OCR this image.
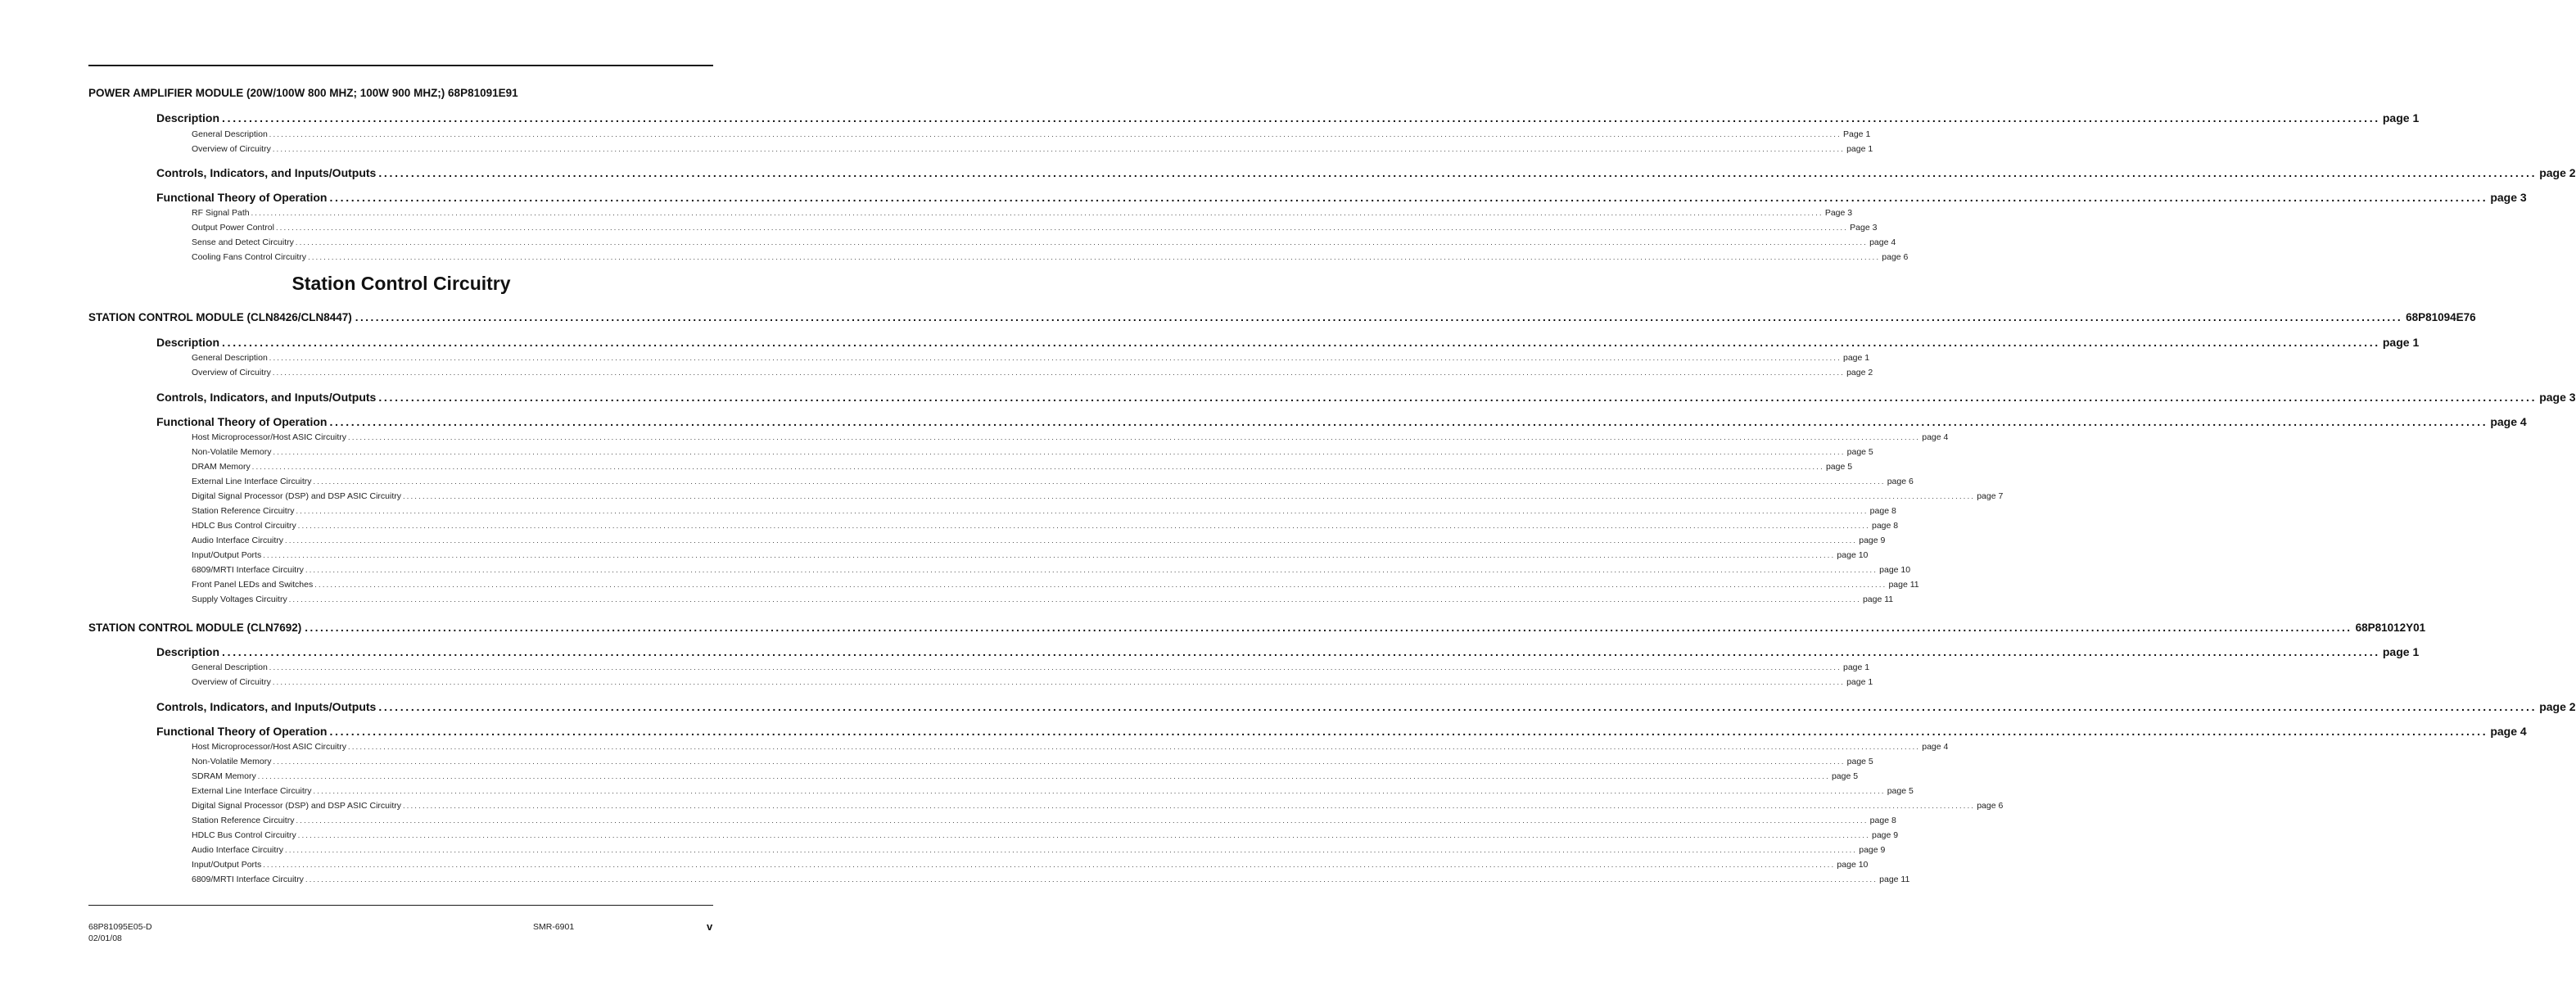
POWER AMPLIFIER MODULE (20W/100W 800 MHZ; 100W 900 MHZ;) 68P81091E91
Description ................................................................................................................................................................................................................................................................................................................................................................................................................ page 1
General Description ................................................................................................................................................................................................................................................................................................................................................................................................................ Page 1
Overview of Circuitry ................................................................................................................................................................................................................................................................................................................................................................................................................ page 1
Controls, Indicators, and Inputs/Outputs ................................................................................................................................................................................................................................................................................................................................................................................................................ page 2
Functional Theory of Operation ................................................................................................................................................................................................................................................................................................................................................................................................................ page 3
RF Signal Path ................................................................................................................................................................................................................................................................................................................................................................................................................ Page 3
Output Power Control ................................................................................................................................................................................................................................................................................................................................................................................................................ Page 3
Sense and Detect Circuitry ................................................................................................................................................................................................................................................................................................................................................................................................................ page 4
Cooling Fans Control Circuitry ................................................................................................................................................................................................................................................................................................................................................................................................................ page 6
Station Control Circuitry
STATION CONTROL MODULE (CLN8426/CLN8447) ................................................................................................................................................................................................................................................................................................................................................................................................................ 68P81094E76
Description ................................................................................................................................................................................................................................................................................................................................................................................................................ page 1
General Description ................................................................................................................................................................................................................................................................................................................................................................................................................ page 1
Overview of Circuitry ................................................................................................................................................................................................................................................................................................................................................................................................................ page 2
Controls, Indicators, and Inputs/Outputs ................................................................................................................................................................................................................................................................................................................................................................................................................ page 3
Functional Theory of Operation ................................................................................................................................................................................................................................................................................................................................................................................................................ page 4
Host Microprocessor/Host ASIC Circuitry ................................................................................................................................................................................................................................................................................................................................................................................................................ page 4
Non-Volatile Memory ................................................................................................................................................................................................................................................................................................................................................................................................................ page 5
DRAM Memory ................................................................................................................................................................................................................................................................................................................................................................................................................ page 5
External Line Interface Circuitry ................................................................................................................................................................................................................................................................................................................................................................................................................ page 6
Digital Signal Processor (DSP) and DSP ASIC Circuitry ................................................................................................................................................................................................................................................................................................................................................................................................................ page 7
Station Reference Circuitry ................................................................................................................................................................................................................................................................................................................................................................................................................ page 8
HDLC Bus Control Circuitry ................................................................................................................................................................................................................................................................................................................................................................................................................ page 8
Audio Interface Circuitry ................................................................................................................................................................................................................................................................................................................................................................................................................ page 9
Input/Output Ports ................................................................................................................................................................................................................................................................................................................................................................................................................ page 10
6809/MRTI Interface Circuitry ................................................................................................................................................................................................................................................................................................................................................................................................................ page 10
Front Panel LEDs and Switches ................................................................................................................................................................................................................................................................................................................................................................................................................ page 11
Supply Voltages Circuitry ................................................................................................................................................................................................................................................................................................................................................................................................................ page 11
STATION CONTROL MODULE (CLN7692) ................................................................................................................................................................................................................................................................................................................................................................................................................ 68P81012Y01
Description ................................................................................................................................................................................................................................................................................................................................................................................................................ page 1
General Description ................................................................................................................................................................................................................................................................................................................................................................................................................ page 1
Overview of Circuitry ................................................................................................................................................................................................................................................................................................................................................................................................................ page 1
Controls, Indicators, and Inputs/Outputs ................................................................................................................................................................................................................................................................................................................................................................................................................ page 2
Functional Theory of Operation ................................................................................................................................................................................................................................................................................................................................................................................................................ page 4
Host Microprocessor/Host ASIC Circuitry ................................................................................................................................................................................................................................................................................................................................................................................................................ page 4
Non-Volatile Memory ................................................................................................................................................................................................................................................................................................................................................................................................................ page 5
SDRAM Memory ................................................................................................................................................................................................................................................................................................................................................................................................................ page 5
External Line Interface Circuitry ................................................................................................................................................................................................................................................................................................................................................................................................................ page 5
Digital Signal Processor (DSP) and DSP ASIC Circuitry ................................................................................................................................................................................................................................................................................................................................................................................................................ page 6
Station Reference Circuitry ................................................................................................................................................................................................................................................................................................................................................................................................................ page 8
HDLC Bus Control Circuitry ................................................................................................................................................................................................................................................................................................................................................................................................................ page 9
Audio Interface Circuitry ................................................................................................................................................................................................................................................................................................................................................................................................................ page 9
Input/Output Ports ................................................................................................................................................................................................................................................................................................................................................................................................................ page 10
6809/MRTI Interface Circuitry ................................................................................................................................................................................................................................................................................................................................................................................................................ page 11
68P81095E05-D
02/01/08
SMR-6901	v
